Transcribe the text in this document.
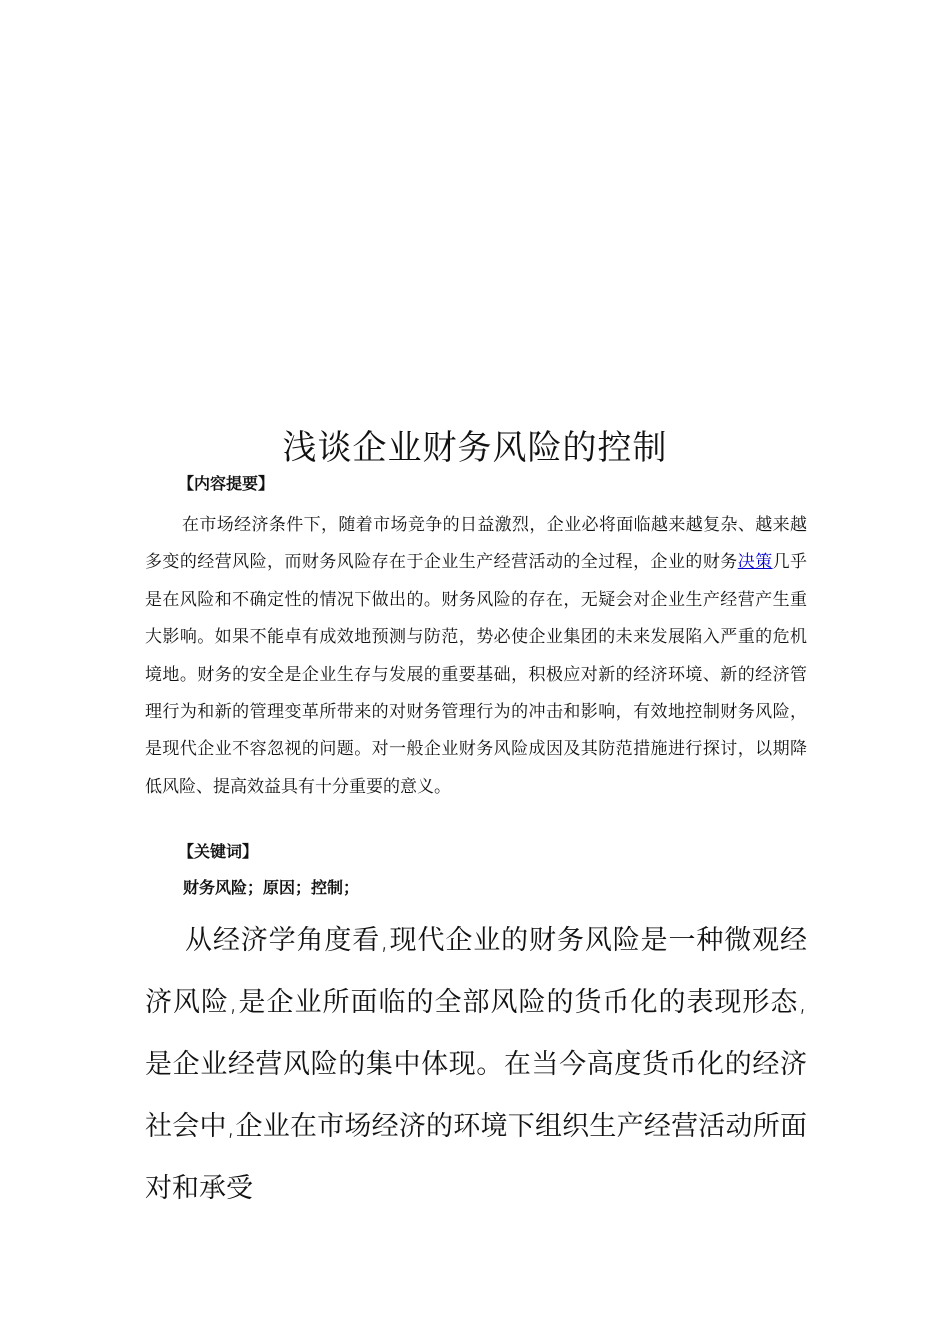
浅谈企业财务风险的控制
【内容提要】

在市场经济条件下，随着市场竞争的日益激烈，企业必将面临越来越复杂、越来越多变的经营风险，而财务风险存在于企业生产经营活动的全过程，企业的财务决策几乎是在风险和不确定性的情况下做出的。财务风险的存在，无疑会对企业生产经营产生重大影响。如果不能卓有成效地预测与防范，势必使企业集团的未来发展陷入严重的危机境地。财务的安全是企业生存与发展的重要基础，积极应对新的经济环境、新的经济管理行为和新的管理变革所带来的对财务管理行为的冲击和影响，有效地控制财务风险，是现代企业不容忽视的问题。对一般企业财务风险成因及其防范措施进行探讨，以期降低风险、提高效益具有十分重要的意义。

【关键词】
财务风险；原因；控制；

从经济学角度看,现代企业的财务风险是一种微观经济风险,是企业所面临的全部风险的货币化的表现形态,是企业经营风险的集中体现。在当今高度货币化的经济社会中,企业在市场经济的环境下组织生产经营活动所面对和承受
